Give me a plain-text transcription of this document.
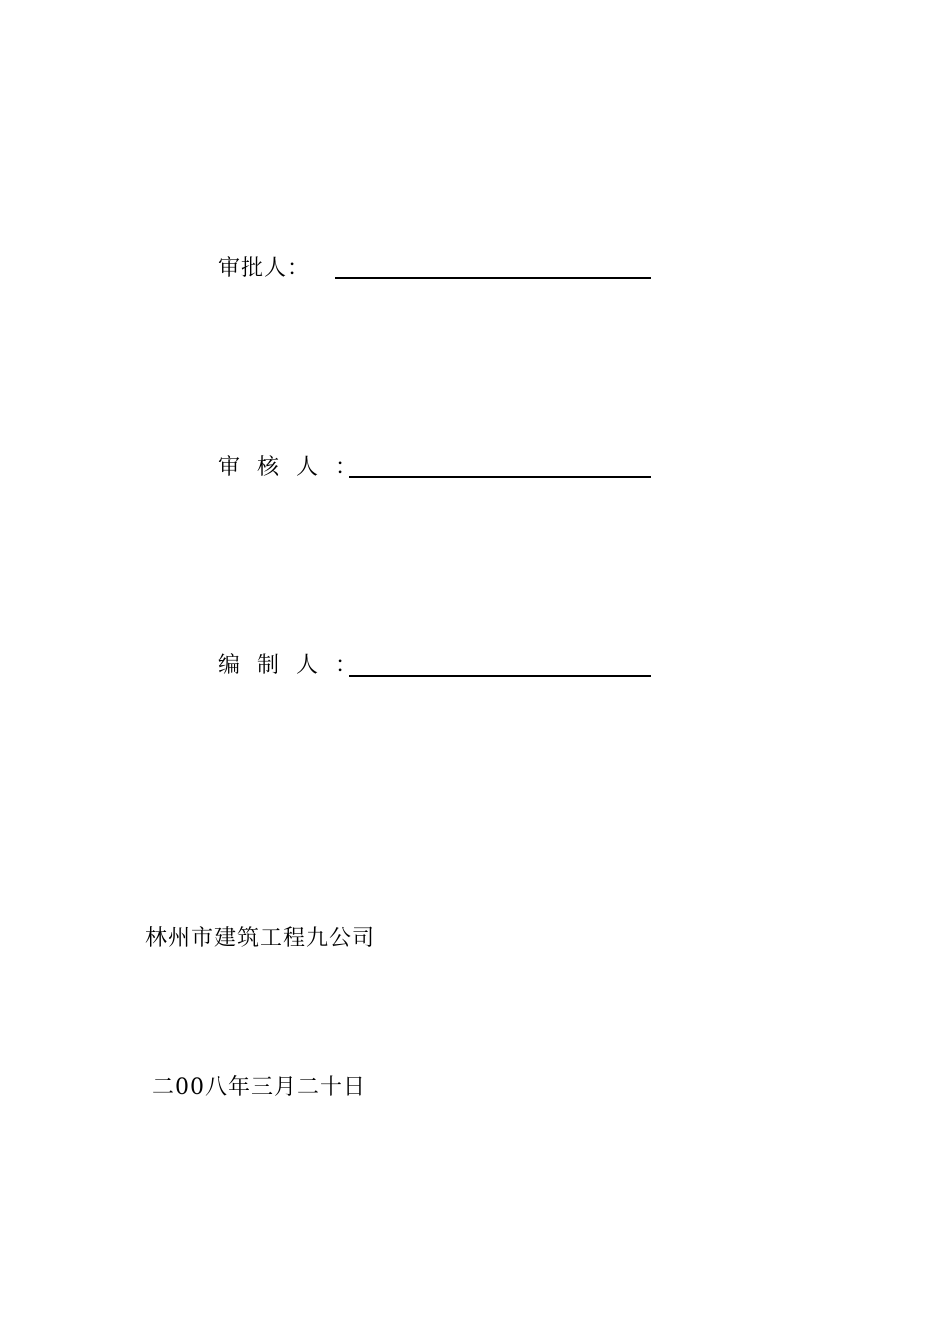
审批人：
审核人：
编制人：
林州市建筑工程九公司
二00八年三月二十日
